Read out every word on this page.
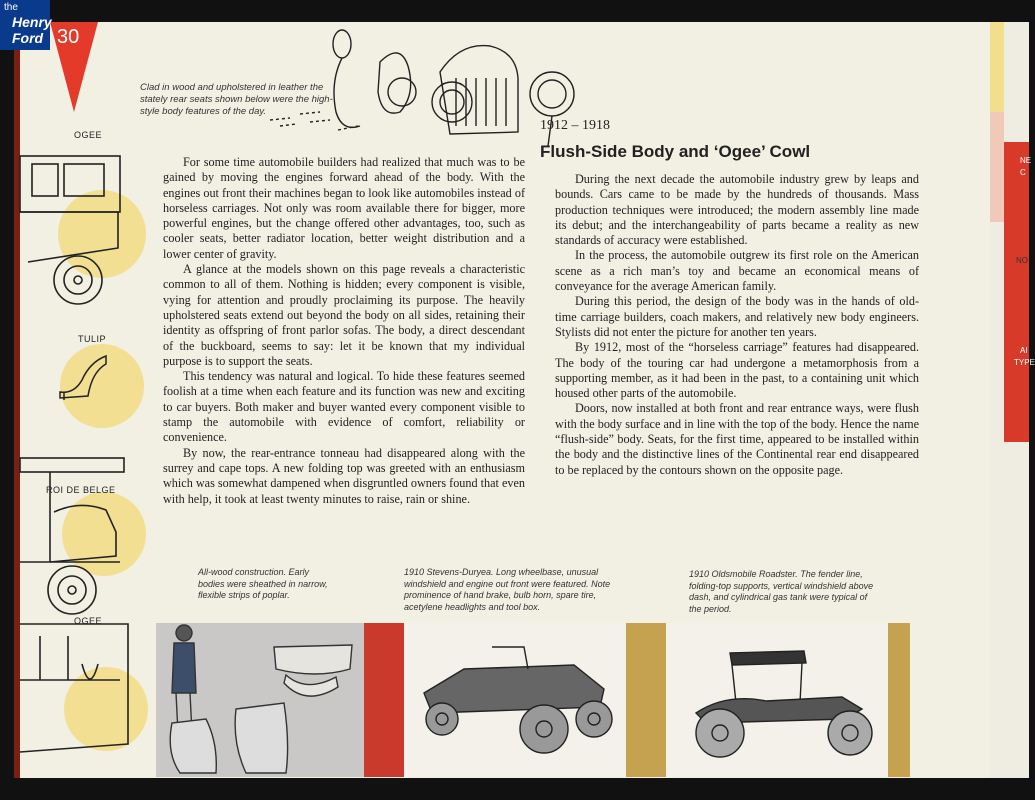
Clad in wood and upholstered in leather the stately rear seats shown below were the high-style body features of the day.
OGEE
TULIP
ROI DE BELGE
OGEE
30
the
Henry
Ford
1912 – 1918
Flush-Side Body and ‘Ogee’ Cowl

For some time automobile builders had realized that much was to be gained by moving the engines forward ahead of the body. With the engines out front their machines began to look like automobiles instead of horseless carriages. Not only was room available there for bigger, more powerful engines, but the change offered other advantages, too, such as cooler seats, better radiator location, better weight distribution and a lower center of gravity.

A glance at the models shown on this page reveals a characteristic common to all of them. Nothing is hidden; every component is visible, vying for attention and proudly proclaiming its purpose. The heavily upholstered seats extend out beyond the body on all sides, retaining their identity as offspring of front parlor sofas. The body, a direct descendant of the buckboard, seems to say: let it be known that my individual purpose is to support the seats.

This tendency was natural and logical. To hide these features seemed foolish at a time when each feature and its function was new and exciting to car buyers. Both maker and buyer wanted every component visible to stamp the automobile with evidence of comfort, reliability or convenience.

By now, the rear-entrance tonneau had disappeared along with the surrey and cape tops. A new folding top was greeted with an enthusiasm which was somewhat dampened when disgruntled owners found that even with help, it took at least twenty minutes to raise, rain or shine.

During the next decade the automobile industry grew by leaps and bounds. Cars came to be made by the hundreds of thousands. Mass production techniques were introduced; the modern assembly line made its debut; and the interchangeability of parts became a reality as new standards of accuracy were established.

In the process, the automobile outgrew its first role on the American scene as a rich man’s toy and became an economical means of conveyance for the average American family.

During this period, the design of the body was in the hands of old-time carriage builders, coach makers, and relatively new body engineers. Stylists did not enter the picture for another ten years.

By 1912, most of the “horseless carriage” features had disappeared. The body of the touring car had undergone a metamorphosis from a supporting member, as it had been in the past, to a containing unit which housed other parts of the automobile.

Doors, now installed at both front and rear entrance ways, were flush with the body surface and in line with the top of the body. Hence the name “flush-side” body. Seats, for the first time, appeared to be installed within the body and the distinctive lines of the Continental rear end disappeared to be replaced by the contours shown on the opposite page.

All-wood construction. Early bodies were sheathed in narrow, flexible strips of poplar.
1910 Stevens-Duryea. Long wheelbase, unusual windshield and engine out front were featured. Note prominence of hand brake, bulb horn, spare tire, acetylene headlights and tool box.
1910 Oldsmobile Roadster. The fender line, folding-top supports, vertical windshield above dash, and cylindrical gas tank were typical of the period.
NE
C
NO
AI
TYPE
